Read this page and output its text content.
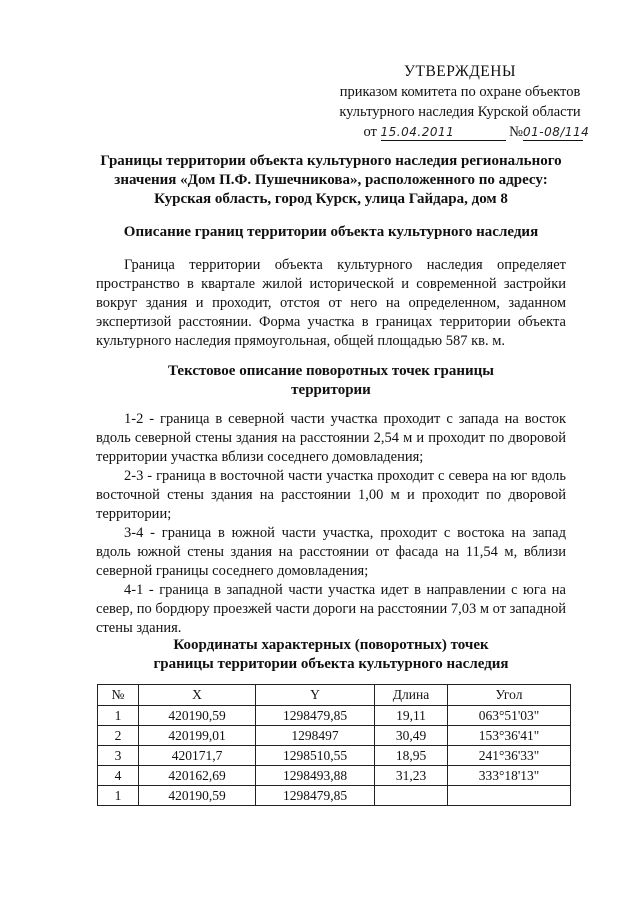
УТВЕРЖДЕНЫ
приказом комитета по охране объектов
культурного наследия Курской области
от 15.04.2011	№01-08/114
Границы территории объекта культурного наследия регионального
значения «Дом П.Ф. Пушечникова», расположенного по адресу:
Курская область, город Курск, улица Гайдара, дом 8
Описание границ территории объекта культурного наследия

Граница территории объекта культурного наследия определяет пространство в квартале жилой исторической и современной застройки вокруг здания и проходит, отстоя от него на определенном, заданном экспертизой расстоянии. Форма участка в границах территории объекта культурного наследия прямоугольная, общей площадью 587 кв. м.

Текстовое описание поворотных точек границы
территории

1-2 - граница в северной части участка проходит с запада на восток вдоль северной стены здания на расстоянии 2,54 м и проходит по дворовой территории участка вблизи соседнего домовладения;

2-3 - граница в восточной части участка проходит с севера на юг вдоль восточной стены здания на расстоянии 1,00 м и проходит по дворовой территории;

3-4 - граница в южной части участка, проходит с востока на запад вдоль южной стены здания на расстоянии от фасада на 11,54 м, вблизи северной границы соседнего домовладения;

4-1 - граница в западной части участка идет в направлении с юга на север, по бордюру проезжей части дороги на расстоянии 7,03 м от западной стены здания.

Координаты характерных (поворотных) точек
границы территории объекта культурного наследия
№	X	Y	Длина	Угол
1	420190,59	1298479,85	19,11	063°51'03"
2	420199,01	1298497	30,49	153°36'41"
3	420171,7	1298510,55	18,95	241°36'33"
4	420162,69	1298493,88	31,23	333°18'13"
1	420190,59	1298479,85		
